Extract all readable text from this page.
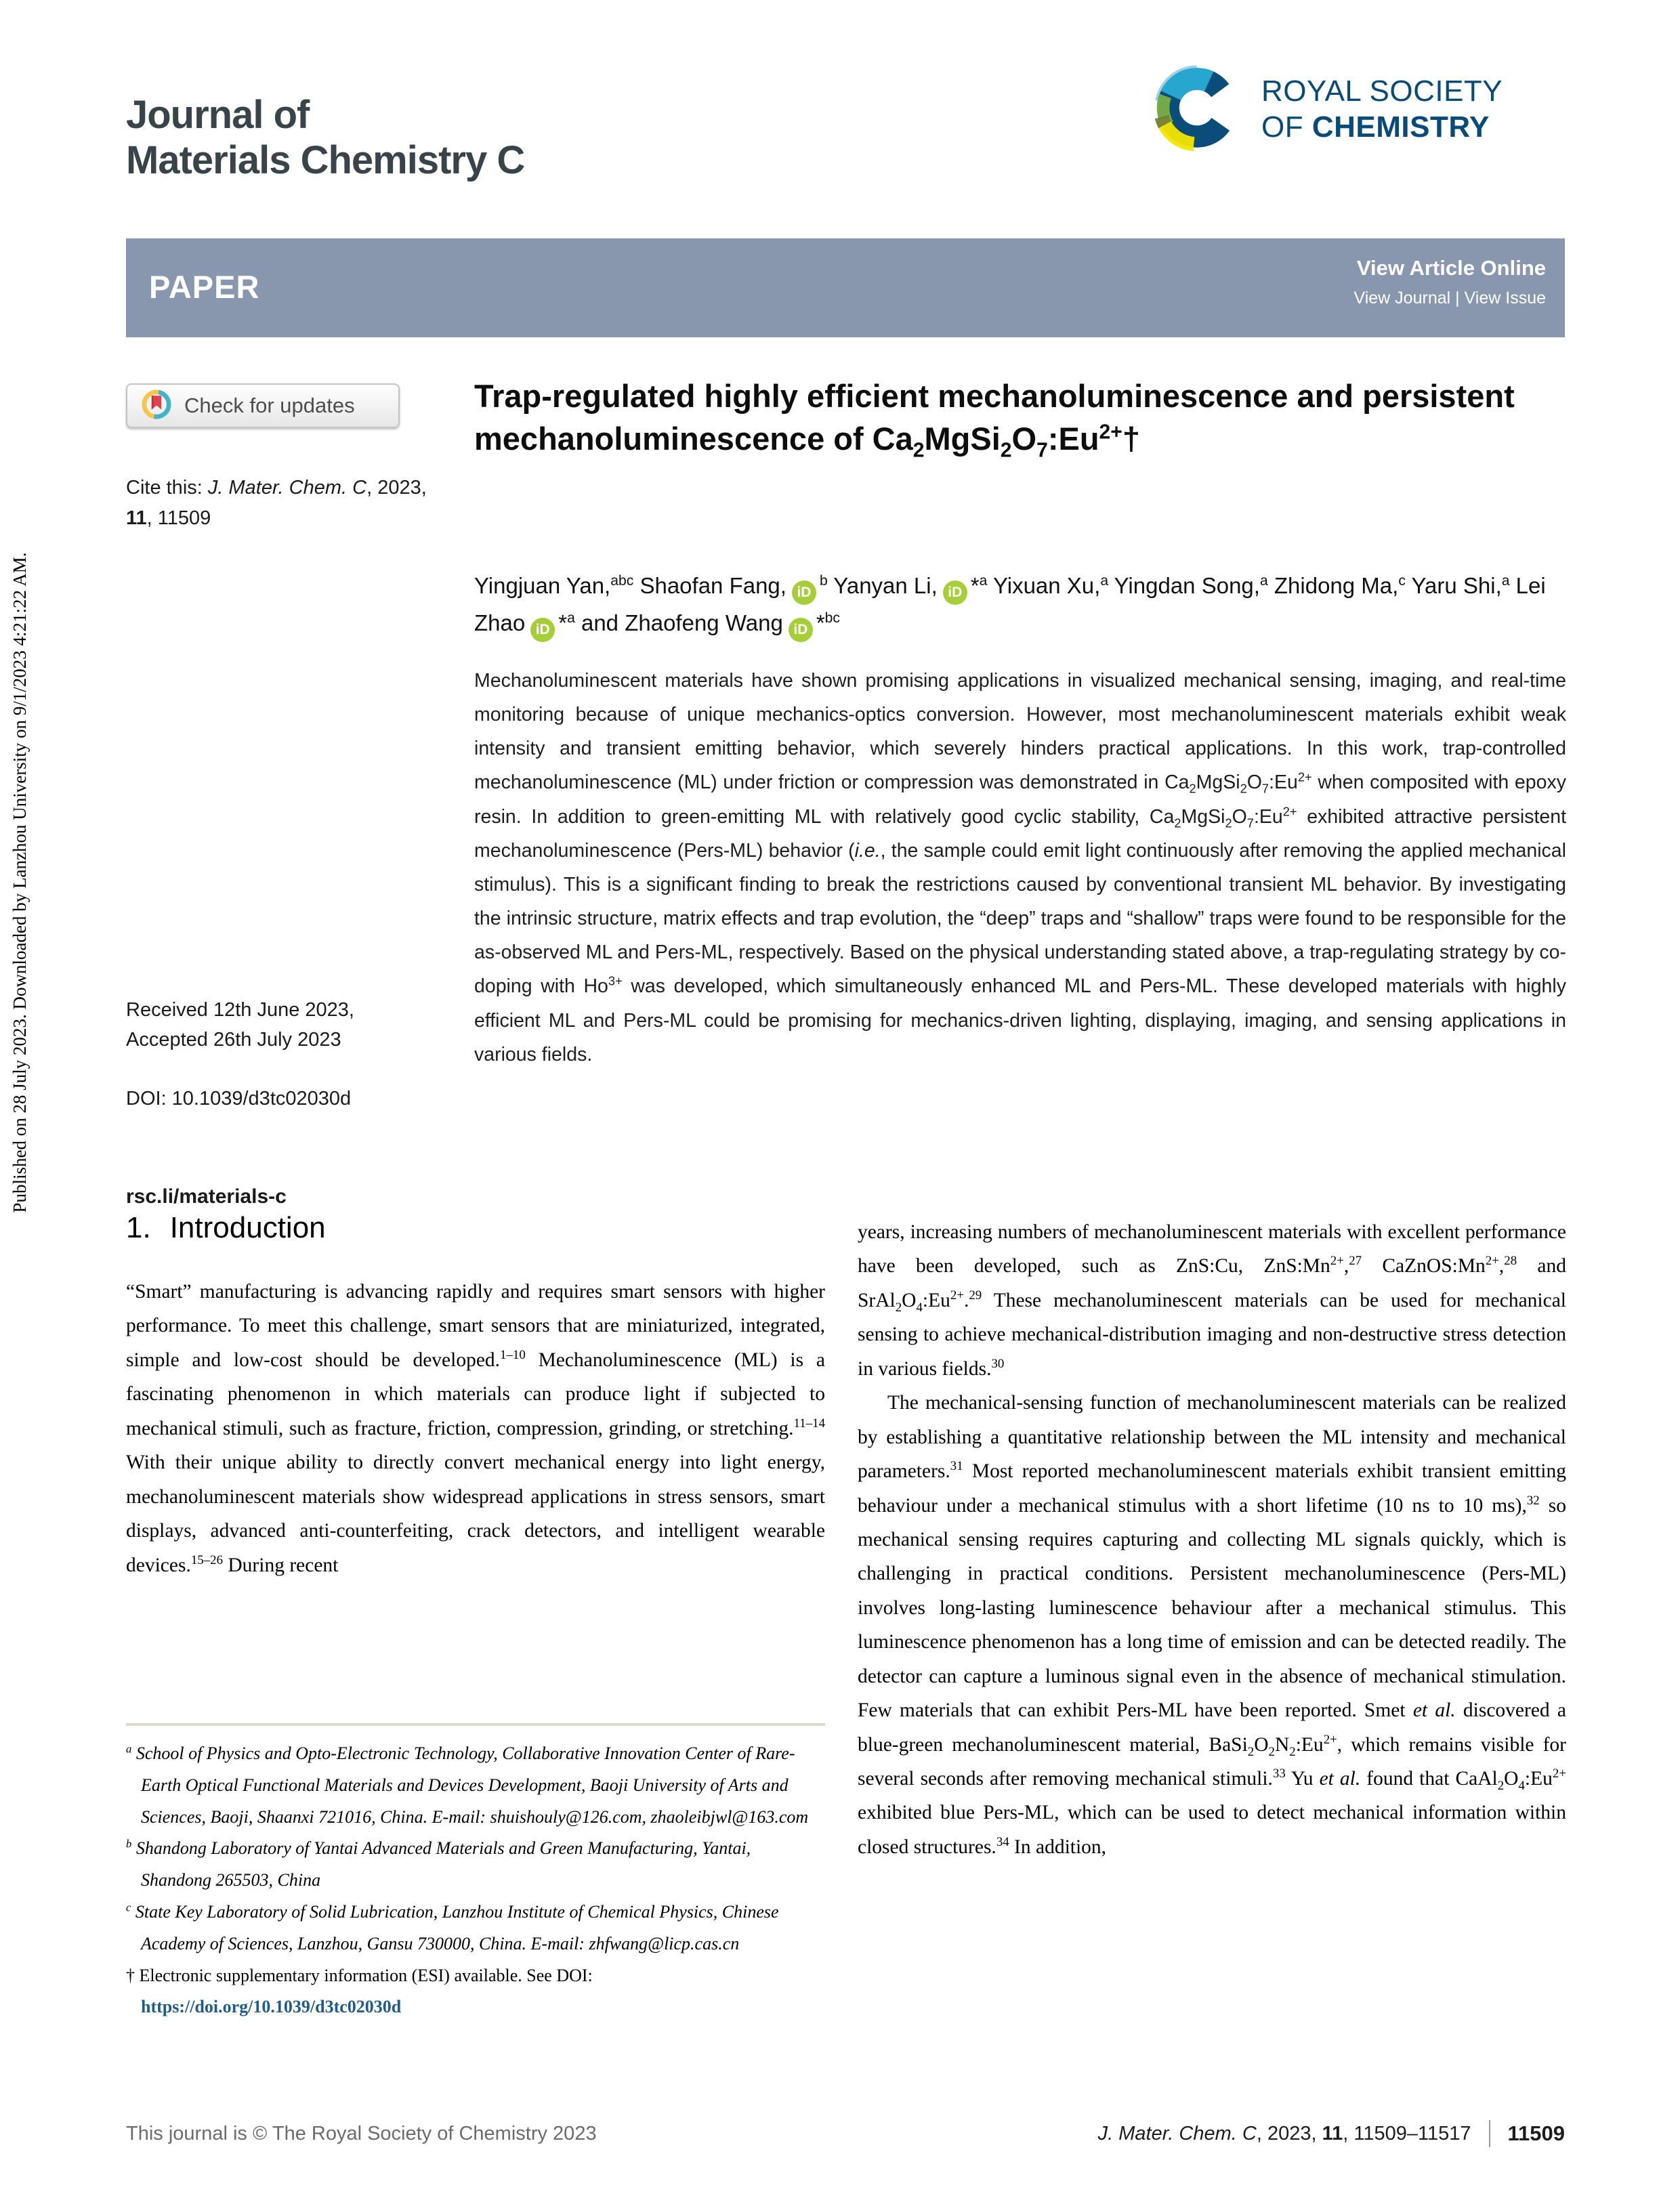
Published on 28 July 2023. Downloaded by Lanzhou University on 9/1/2023 4:21:22 AM.
Journal of
Materials Chemistry C
ROYAL SOCIETY
OF CHEMISTRY
PAPER
View Article Online
View Journal | View Issue
Check for updates
Cite this: J. Mater. Chem. C, 2023, 11, 11509
Received 12th June 2023,
Accepted 26th July 2023
DOI: 10.1039/d3tc02030d
rsc.li/materials-c
Trap-regulated highly efficient mechanoluminescence and persistent mechanoluminescence of $Ca_2MgSi_2O_7:Eu^{2+}\dagger$
Yingjuan Yan,$^{abc}$ Shaofan Fang, $iD^b$ Yanyan Li, iD *$^a$ Yixuan Xu,$^a$ Yingdan Song,$^a$ Zhidong Ma,$^c$ Yaru Shi,$^a$ Lei Zhao iD *$^a$ and Zhaofeng Wang iD *$^{bc}$
Mechanoluminescent materials have shown promising applications in visualized mechanical sensing, imaging, and real-time monitoring because of unique mechanics-optics conversion. However, most mechanoluminescent materials exhibit weak intensity and transient emitting behavior, which severely hinders practical applications. In this work, trap-controlled mechanoluminescence (ML) under friction or compression was demonstrated in $Ca_2MgSi_2O_7:Eu^{2+}$ when composited with epoxy resin. In addition to green-emitting ML with relatively good cyclic stability, $Ca_2MgSi_2O_7:Eu^{2+}$ exhibited attractive persistent mechanoluminescence (Pers-ML) behavior (i.e., the sample could emit light continuously after removing the applied mechanical stimulus). This is a significant finding to break the restrictions caused by conventional transient ML behavior. By investigating the intrinsic structure, matrix effects and trap evolution, the “deep” traps and “shallow” traps were found to be responsible for the as-observed ML and Pers-ML, respectively. Based on the physical understanding stated above, a trap-regulating strategy by co-doping with $Ho^{3+}$ was developed, which simultaneously enhanced ML and Pers-ML. These developed materials with highly efficient ML and Pers-ML could be promising for mechanics-driven lighting, displaying, imaging, and sensing applications in various fields.
1. Introduction
“Smart” manufacturing is advancing rapidly and requires smart sensors with higher performance. To meet this challenge, smart sensors that are miniaturized, integrated, simple and low-cost should be developed.$^{1-10}$ Mechanoluminescence (ML) is a fascinating phenomenon in which materials can produce light if subjected to mechanical stimuli, such as fracture, friction, compression, grinding, or stretching.$^{11-14}$ With their unique ability to directly convert mechanical energy into light energy, mechanoluminescent materials show widespread applications in stress sensors, smart displays, advanced anti-counterfeiting, crack detectors, and intelligent wearable devices.$^{15-26}$ During recent
years, increasing numbers of mechanoluminescent materials with excellent performance have been developed, such as ZnS:Cu, $ZnS:Mn^{2+},^{27}$ $CaZnOS:Mn^{2+},^{28}$ and $SrAl_2O_4:Eu^{2+}.^{29}$ These mechanoluminescent materials can be used for mechanical sensing to achieve mechanical-distribution imaging and non-destructive stress detection in various fields.$^{30}$
The mechanical-sensing function of mechanoluminescent materials can be realized by establishing a quantitative relationship between the ML intensity and mechanical parameters.$^{31}$ Most reported mechanoluminescent materials exhibit transient emitting behaviour under a mechanical stimulus with a short lifetime (10 ns to 10 ms),$^{32}$ so mechanical sensing requires capturing and collecting ML signals quickly, which is challenging in practical conditions. Persistent mechanoluminescence (Pers-ML) involves long-lasting luminescence behaviour after a mechanical stimulus. This luminescence phenomenon has a long time of emission and can be detected readily. The detector can capture a luminous signal even in the absence of mechanical stimulation. Few materials that can exhibit Pers-ML have been reported. Smet et al. discovered a blue-green mechanoluminescent material, $BaSi_2O_2N_2:Eu^{2+}$, which remains visible for several seconds after removing mechanical stimuli.$^{33}$ Yu et al. found that $CaAl_2O_4:Eu^{2+}$ exhibited blue Pers-ML, which can be used to detect mechanical information within closed structures.$^{34}$ In addition,
$^a$ School of Physics and Opto-Electronic Technology, Collaborative Innovation Center of Rare-Earth Optical Functional Materials and Devices Development, Baoji University of Arts and Sciences, Baoji, Shaanxi 721016, China. E-mail: shuishouly@126.com, zhaoleibjwl@163.com
$^b$ Shandong Laboratory of Yantai Advanced Materials and Green Manufacturing, Yantai, Shandong 265503, China
$^c$ State Key Laboratory of Solid Lubrication, Lanzhou Institute of Chemical Physics, Chinese Academy of Sciences, Lanzhou, Gansu 730000, China. E-mail: zhfwang@licp.cas.cn
† Electronic supplementary information (ESI) available. See DOI: https://doi.org/10.1039/d3tc02030d
This journal is © The Royal Society of Chemistry 2023	J. Mater. Chem. C, 2023, 11, 11509–11517 11509
